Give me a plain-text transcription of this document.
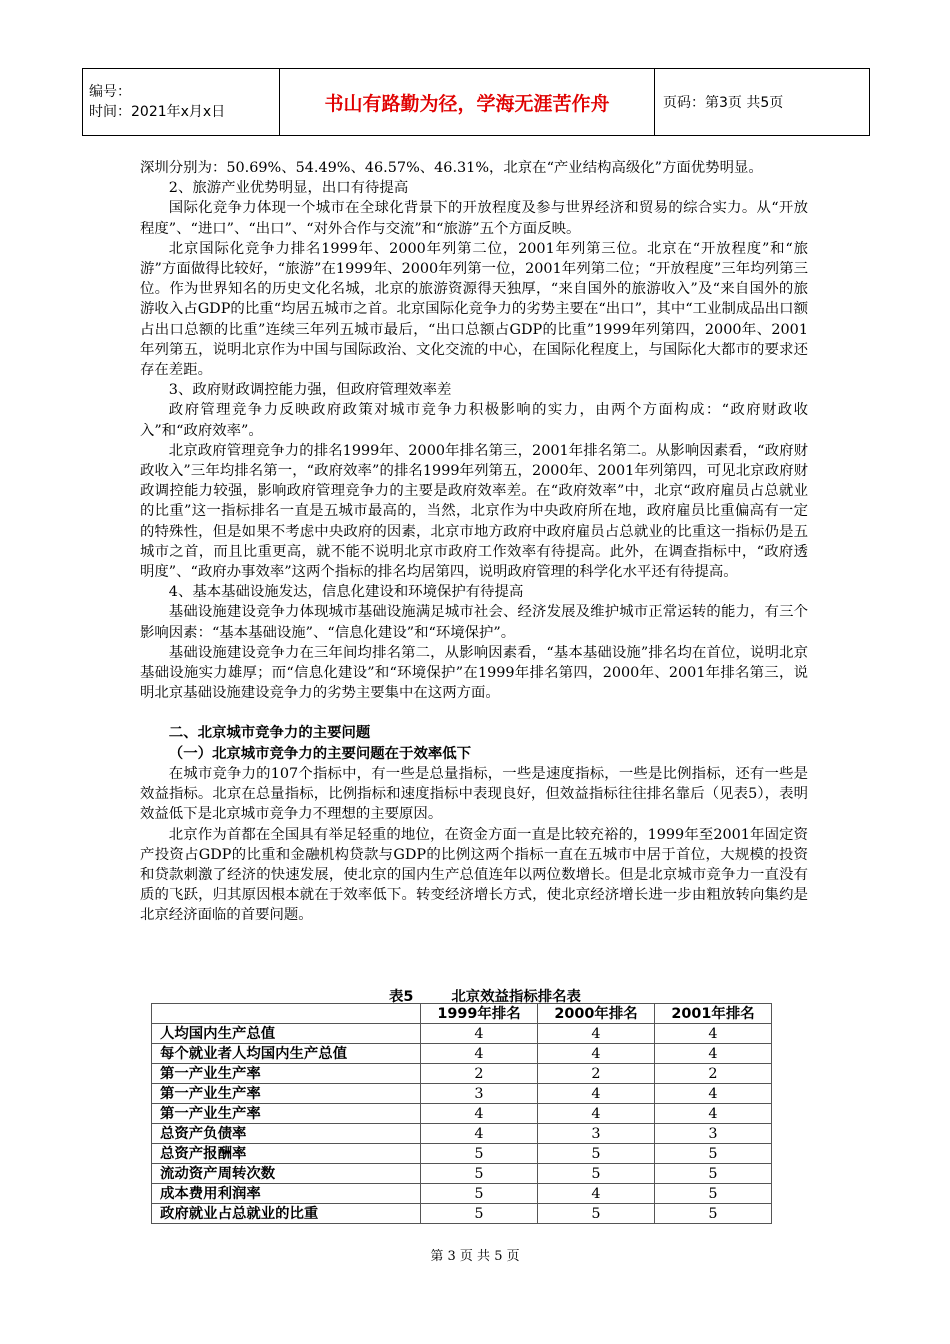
编号：
时间：2021年x月x日	书山有路勤为径，学海无涯苦作舟	页码：第3页 共5页

深圳分别为：50.69%、54.49%、46.57%、46.31%，北京在“产业结构高级化”方面优势明显。

2、旅游产业优势明显，出口有待提高

国际化竞争力体现一个城市在全球化背景下的开放程度及参与世界经济和贸易的综合实力。从“开放程度”、“进口”、“出口”、“对外合作与交流”和“旅游”五个方面反映。

北京国际化竞争力排名1999年、2000年列第二位，2001年列第三位。北京在“开放程度”和“旅游”方面做得比较好，“旅游”在1999年、2000年列第一位，2001年列第二位；“开放程度”三年均列第三位。作为世界知名的历史文化名城，北京的旅游资源得天独厚，“来自国外的旅游收入”及“来自国外的旅游收入占GDP的比重“均居五城市之首。北京国际化竞争力的劣势主要在“出口”，其中“工业制成品出口额占出口总额的比重”连续三年列五城市最后，“出口总额占GDP的比重”1999年列第四，2000年、2001年列第五，说明北京作为中国与国际政治、文化交流的中心，在国际化程度上，与国际化大都市的要求还存在差距。

3、政府财政调控能力强，但政府管理效率差

政府管理竞争力反映政府政策对城市竞争力积极影响的实力，由两个方面构成：“政府财政收入”和“政府效率”。

北京政府管理竞争力的排名1999年、2000年排名第三，2001年排名第二。从影响因素看，“政府财政收入”三年均排名第一，“政府效率”的排名1999年列第五，2000年、2001年列第四，可见北京政府财政调控能力较强，影响政府管理竞争力的主要是政府效率差。在“政府效率”中，北京“政府雇员占总就业的比重”这一指标排名一直是五城市最高的，当然，北京作为中央政府所在地，政府雇员比重偏高有一定的特殊性，但是如果不考虑中央政府的因素，北京市地方政府中政府雇员占总就业的比重这一指标仍是五城市之首，而且比重更高，就不能不说明北京市政府工作效率有待提高。此外，在调查指标中，“政府透明度”、“政府办事效率”这两个指标的排名均居第四，说明政府管理的科学化水平还有待提高。

4、基本基础设施发达，信息化建设和环境保护有待提高

基础设施建设竞争力体现城市基础设施满足城市社会、经济发展及维护城市正常运转的能力，有三个影响因素：“基本基础设施”、“信息化建设”和“环境保护”。

基础设施建设竞争力在三年间均排名第二，从影响因素看，“基本基础设施”排名均在首位，说明北京基础设施实力雄厚；而“信息化建设”和“环境保护”在1999年排名第四，2000年、2001年排名第三，说明北京基础设施建设竞争力的劣势主要集中在这两方面。

二、北京城市竞争力的主要问题

（一）北京城市竞争力的主要问题在于效率低下

在城市竞争力的107个指标中，有一些是总量指标，一些是速度指标，一些是比例指标，还有一些是效益指标。北京在总量指标，比例指标和速度指标中表现良好，但效益指标往往排名靠后（见表5），表明效益低下是北京城市竞争力不理想的主要原因。

北京作为首都在全国具有举足轻重的地位，在资金方面一直是比较充裕的，1999年至2001年固定资产投资占GDP的比重和金融机构贷款与GDP的比例这两个指标一直在五城市中居于首位，大规模的投资和贷款刺激了经济的快速发展，使北京的国内生产总值连年以两位数增长。但是北京城市竞争力一直没有质的飞跃，归其原因根本就在于效率低下。转变经济增长方式，使北京经济增长进一步由粗放转向集约是北京经济面临的首要问题。

表5	北京效益指标排名表
	1999年排名	2000年排名	2001年排名
人均国内生产总值	4	4	4
每个就业者人均国内生产总值	4	4	4
第一产业生产率	2	2	2
第一产业生产率	3	4	4
第一产业生产率	4	4	4
总资产负债率	4	3	3
总资产报酬率	5	5	5
流动资产周转次数	5	5	5
成本费用利润率	5	4	5
政府就业占总就业的比重	5	5	5
第 3 页 共 5 页
